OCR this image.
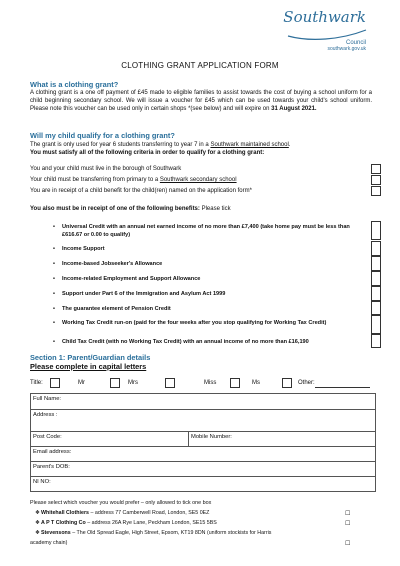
Southwark
Council
southwark.gov.uk
CLOTHING GRANT APPLICATION FORM
What is a clothing grant?
A clothing grant is a one off payment of £45 made to eligible families to assist towards the cost of buying a school uniform for a child beginning secondary school. We will issue a voucher for £45 which can be used towards your child's school uniform. Please note this voucher can be used only in certain shops *(see below) and will expire on 31 August 2021.
Will my child qualify for a clothing grant?
The grant is only used for year 6 students transferring to year 7 in a Southwark maintained school.
You must satisfy all of the following criteria in order to qualify for a clothing grant:
You and your child must live in the borough of Southwark
Your child must be transferring from primary to a Southwark secondary school
You are in receipt of a child benefit for the child(ren) named on the application form*
You also must be in receipt of one of the following benefits: Please tick
• Universal Credit with an annual net earned income of no more than £7,400 (take home pay must be less than £616.67 or 0.00 to qualify)
• Income Support
• Income-based Jobseeker's Allowance
• Income-related Employment and Support Allowance
• Support under Part 6 of the Immigration and Asylum Act 1999
• The guarantee element of Pension Credit
• Working Tax Credit run-on (paid for the four weeks after you stop qualifying for Working Tax Credit)
• Child Tax Credit (with no Working Tax Credit) with an annual income of no more than £16,190
Section 1: Parent/Guardian details
Please complete in capital letters
Title:	Mr	Mrs	Miss	Ms	Other:
Full Name:
Address :
Post Code:	Mobile Number:
Email address:
Parent's DOB:
NI NO:
Please select which voucher you would prefer – only allowed to tick one box
❖ Whitehall Clothiers – address 77 Camberwell Road, London, SE5 0EZ	☐
❖ A P T Clothing Co – address 26A Rye Lane, Peckham London, SE15 5BS	☐
❖ Stevensons – The Old Spread Eagle, High Street, Epsom, KT19 8DN (uniform stockists for Harris
academy chain)	☐
